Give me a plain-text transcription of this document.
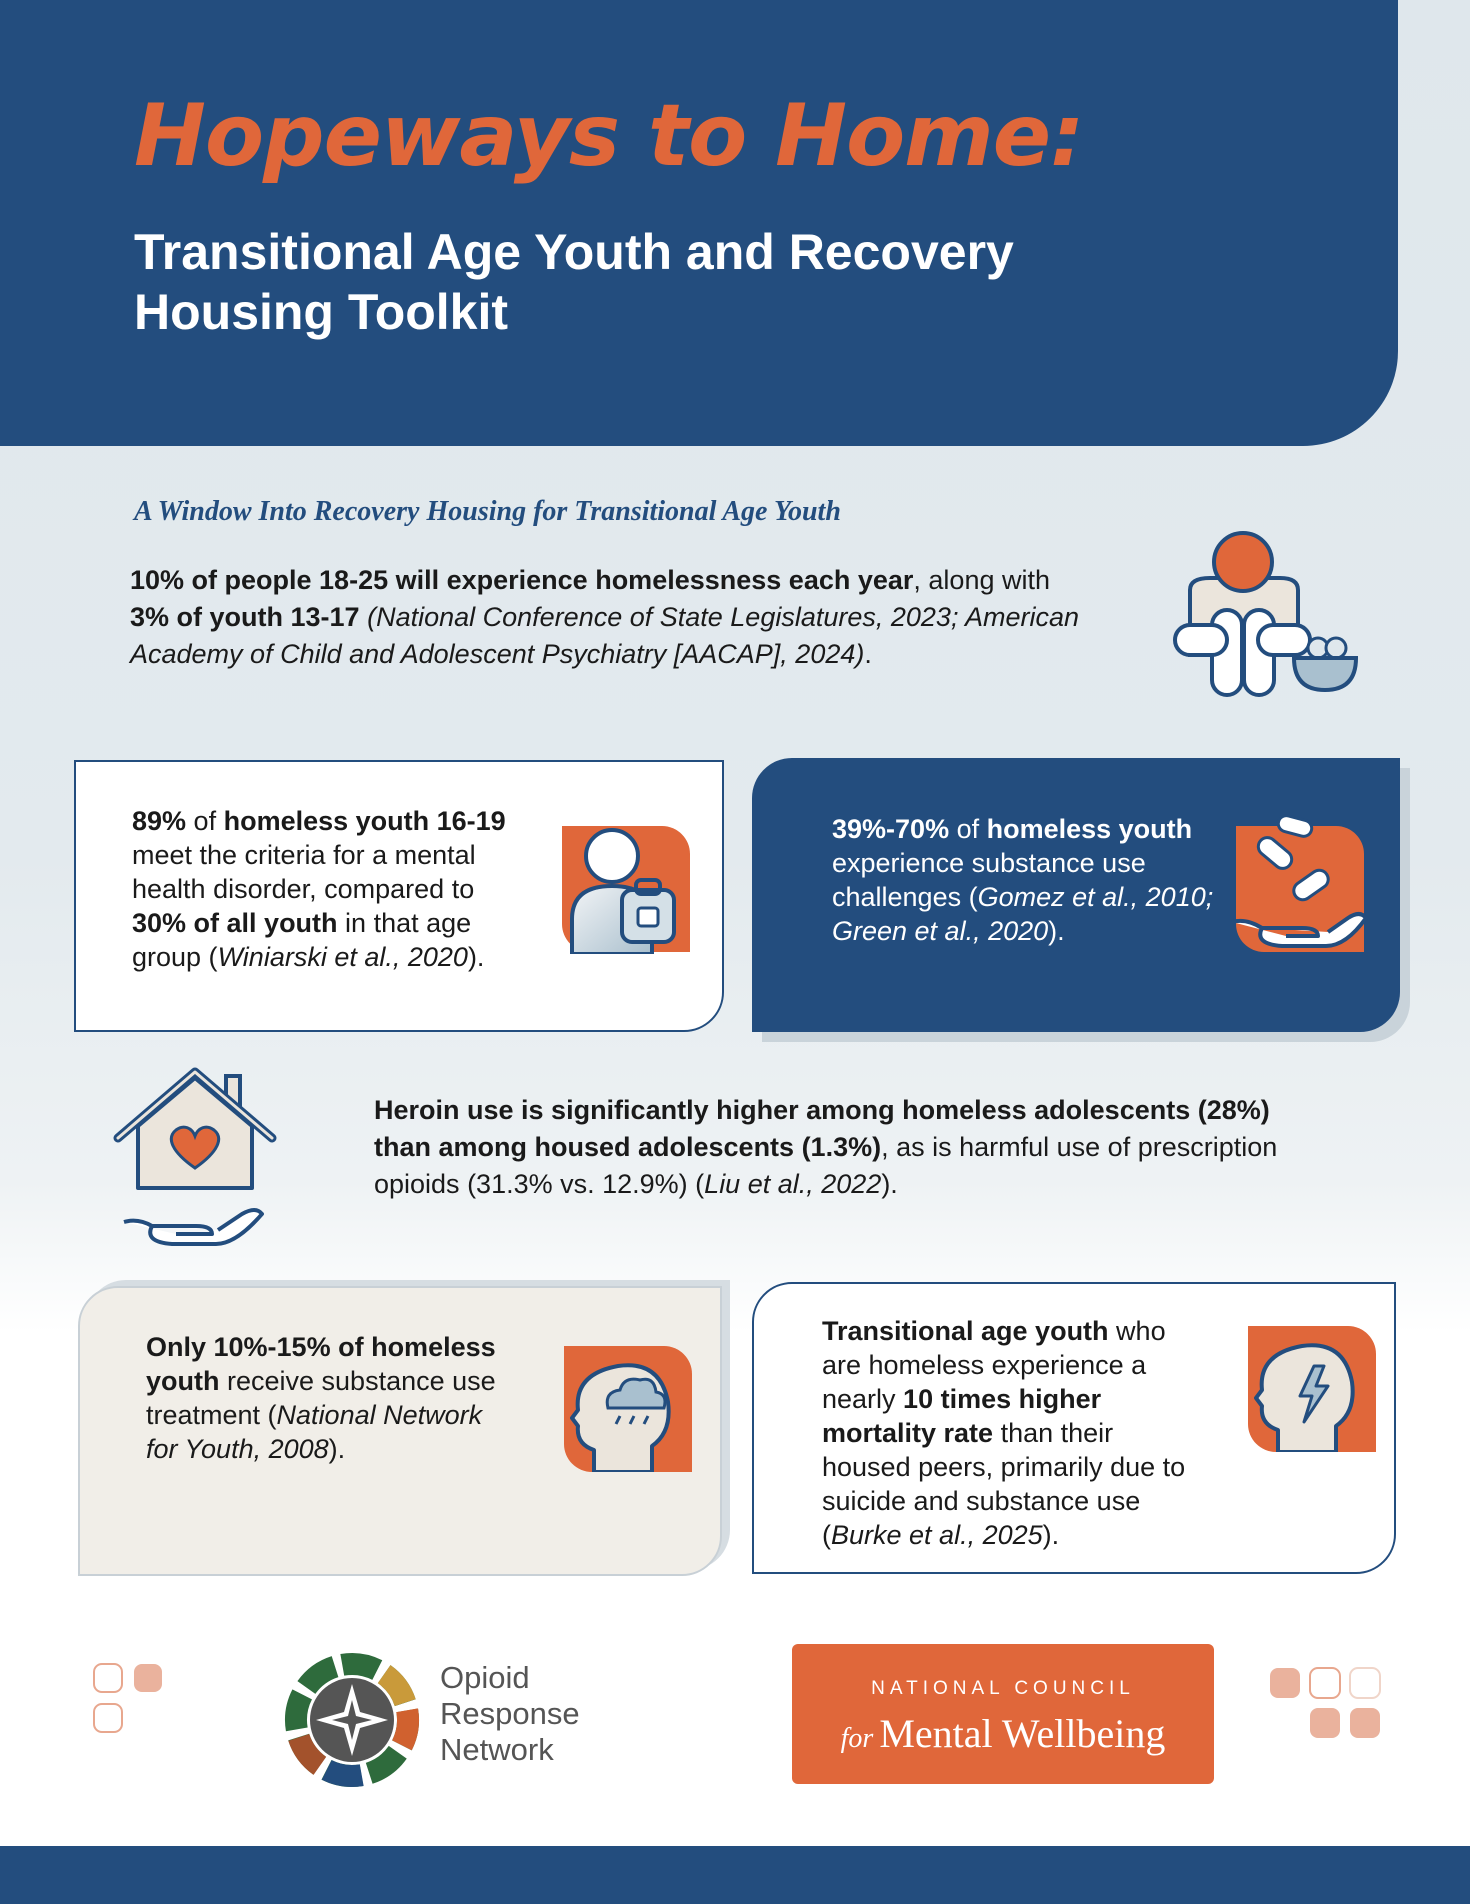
Hopeways to Home:
Transitional Age Youth and Recovery Housing Toolkit
A Window Into Recovery Housing for Transitional Age Youth
10% of people 18-25 will experience homelessness each year, along with
3% of youth 13-17 (National Conference of State Legislatures, 2023; American Academy of Child and Adolescent Psychiatry [AACAP], 2024).
89% of homeless youth 16-19 meet the criteria for a mental health disorder, compared to 30% of all youth in that age group (Winiarski et al., 2020).
39%-70% of homeless youth experience substance use challenges (Gomez et al., 2010; Green et al., 2020).
Heroin use is significantly higher among homeless adolescents (28%) than among housed adolescents (1.3%), as is harmful use of prescription opioids (31.3% vs. 12.9%) (Liu et al., 2022).
Only 10%-15% of homeless youth receive substance use treatment (National Network for Youth, 2008).
Transitional age youth who are homeless experience a nearly 10 times higher mortality rate than their housed peers, primarily due to suicide and substance use (Burke et al., 2025).
Opioid
Response
Network
NATIONAL COUNCIL
for Mental Wellbeing
